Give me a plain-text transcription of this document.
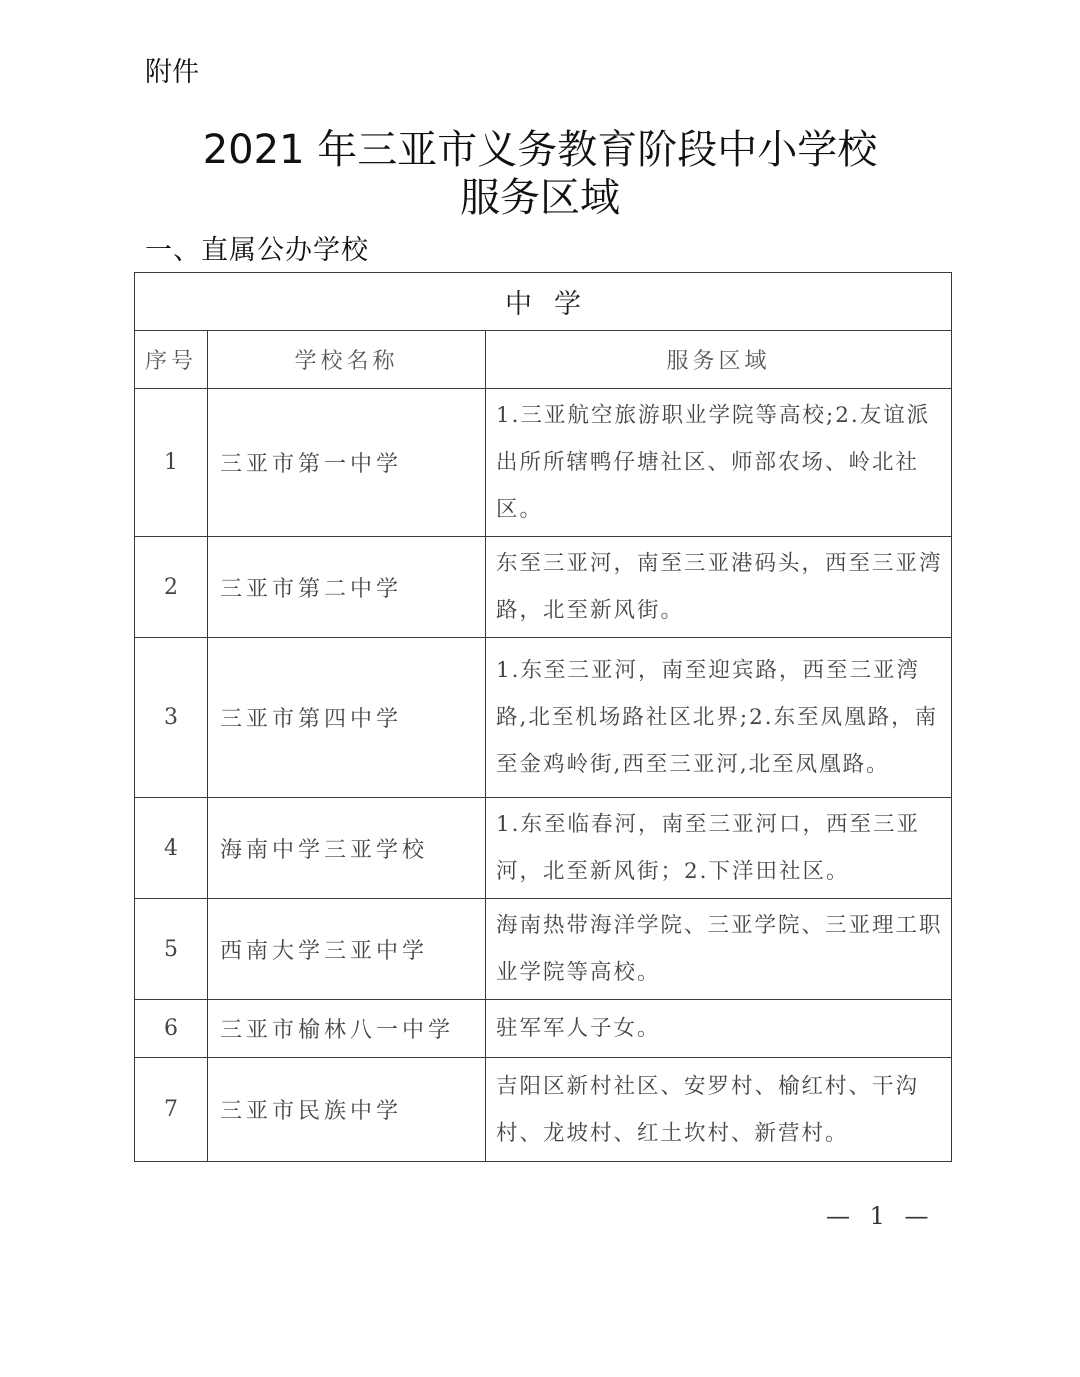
附件
2021 年三亚市义务教育阶段中小学校
服务区域
一、直属公办学校
中学		
序号	学校名称	服务区域
1	三亚市第一中学	1.三亚航空旅游职业学院等高校;2.友谊派出所所辖鸭仔塘社区、师部农场、岭北社区。
2	三亚市第二中学	东至三亚河，南至三亚港码头，西至三亚湾路，北至新风街。
3	三亚市第四中学	1.东至三亚河，南至迎宾路，西至三亚湾路,北至机场路社区北界;2.东至凤凰路，南至金鸡岭街,西至三亚河,北至凤凰路。
4	海南中学三亚学校	1.东至临春河，南至三亚河口，西至三亚河，北至新风街；2.下洋田社区。
5	西南大学三亚中学	海南热带海洋学院、三亚学院、三亚理工职业学院等高校。
6	三亚市榆林八一中学	驻军军人子女。
7	三亚市民族中学	吉阳区新村社区、安罗村、榆红村、干沟村、龙坡村、红土坎村、新营村。
— 1 —
